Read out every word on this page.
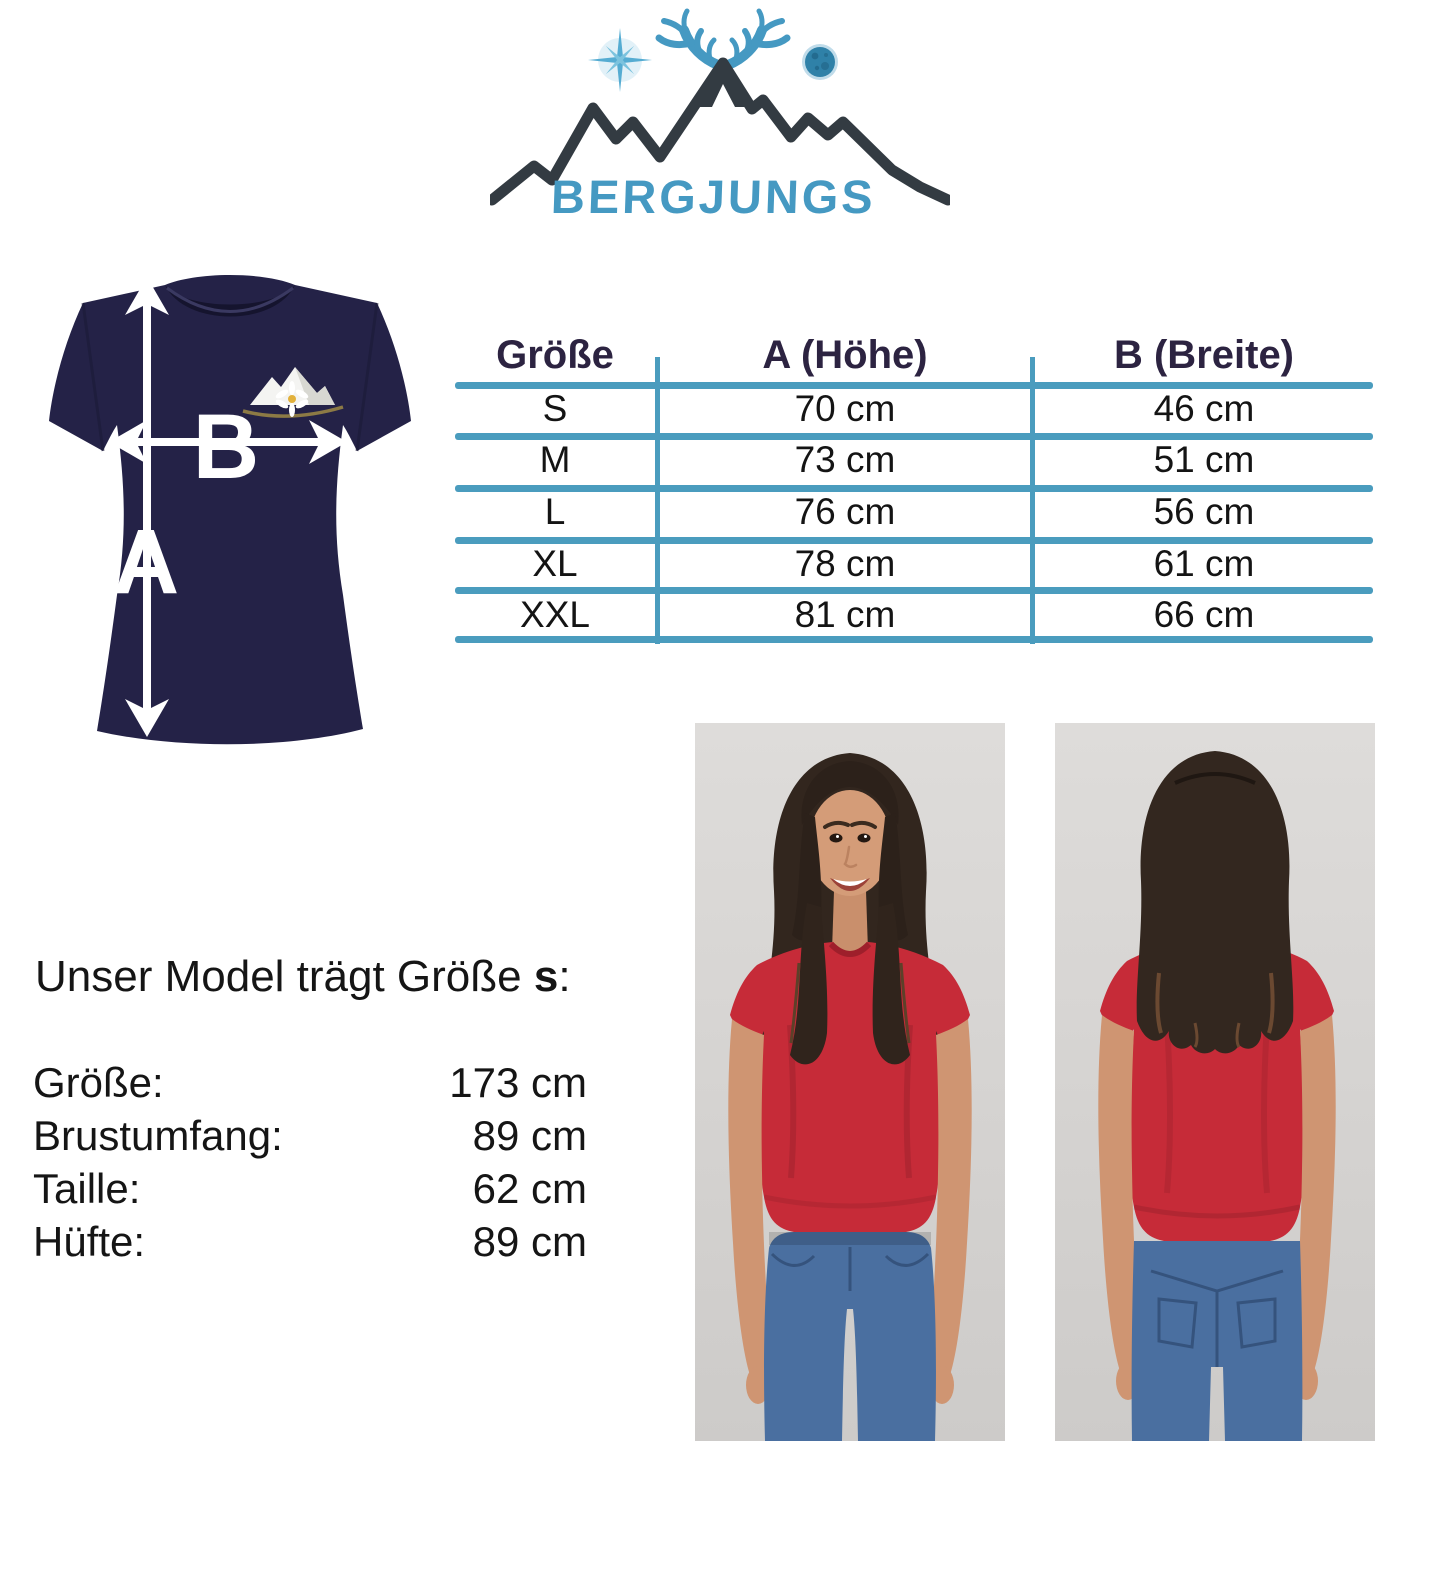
BERGJUNGS
B
A
Größe	A (Höhe)	B (Breite)
S	70 cm	46 cm
M	73 cm	51 cm
L	76 cm	56 cm
XL	78 cm	61 cm
XXL	81 cm	66 cm
Unser Model trägt Größe s:
Größe:	173 cm
Brustumfang:	89 cm
Taille:	62 cm
Hüfte:	89 cm
